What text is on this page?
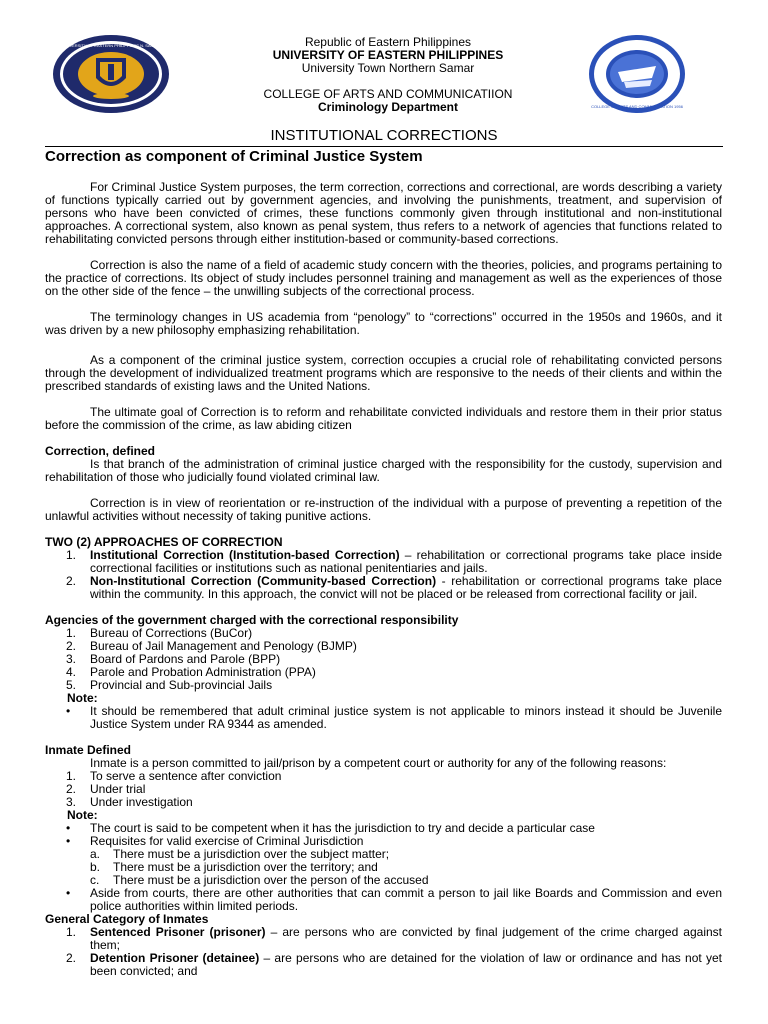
UNIVERSITY OF EASTERN PHILIPPINES N. SAMAR
COLLEGE OF ARTS AND COMMUNICATION 1956
Republic of Eastern Philippines
UNIVERSITY OF EASTERN PHILIPPINES
University Town Northern Samar
COLLEGE OF ARTS AND COMMUNICATIION
Criminology Department
INSTITUTIONAL CORRECTIONS
Correction as component of Criminal Justice System

For Criminal Justice System purposes, the term correction, corrections and correctional, are words describing a variety of functions typically carried out by government agencies, and involving the punishments, treatment, and supervision of persons who have been convicted of crimes, these functions commonly given through institutional and non-institutional approaches. A correctional system, also known as penal system, thus refers to a network of agencies that functions related to rehabilitating convicted persons through either institution-based or community-based corrections.

Correction is also the name of a field of academic study concern with the theories, policies, and programs pertaining to the practice of corrections. Its object of study includes personnel training and management as well as the experiences of those on the other side of the fence – the unwilling subjects of the correctional process.

The terminology changes in US academia from “penology” to “corrections” occurred in the 1950s and 1960s, and it was driven by a new philosophy emphasizing rehabilitation.

As a component of the criminal justice system, correction occupies a crucial role of rehabilitating convicted persons through the development of individualized treatment programs which are responsive to the needs of their clients and within the prescribed standards of existing laws and the United Nations.

The ultimate goal of Correction is to reform and rehabilitate convicted individuals and restore them in their prior status before the commission of the crime, as law abiding citizen

Correction, defined

Is that branch of the administration of criminal justice charged with the responsibility for the custody, supervision and rehabilitation of those who judicially found violated criminal law.

Correction is in view of reorientation or re-instruction of the individual with a purpose of preventing a repetition of the unlawful activities without necessity of taking punitive actions.

TWO (2) APPROACHES OF CORRECTION

1.	Institutional Correction (Institution-based Correction) – rehabilitation or correctional programs take place inside correctional facilities or institutions such as national penitentiaries and jails.
2.	Non-Institutional Correction (Community-based Correction) - rehabilitation or correctional programs take place within the community. In this approach, the convict will not be placed or be released from correctional facility or jail.

Agencies of the government charged with the correctional responsibility

1.	Bureau of Corrections (BuCor)
2.	Bureau of Jail Management and Penology (BJMP)
3.	Board of Pardons and Parole (BPP)
4.	Parole and Probation Administration (PPA)
5.	Provincial and Sub-provincial Jails
Note:
•	It should be remembered that adult criminal justice system is not applicable to minors instead it should be Juvenile Justice System under RA 9344 as amended.

Inmate Defined

Inmate is a person committed to jail/prison by a competent court or authority for any of the following reasons:
1.	To serve a sentence after conviction
2.	Under trial
3.	Under investigation
Note:
•	The court is said to be competent when it has the jurisdiction to try and decide a particular case
•	Requisites for valid exercise of Criminal Jurisdiction
a.	There must be a jurisdiction over the subject matter;
b.	There must be a jurisdiction over the territory; and
c.	There must be a jurisdiction over the person of the accused
•	Aside from courts, there are other authorities that can commit a person to jail like Boards and Commission and even police authorities within limited periods.

General Category of Inmates

1.	Sentenced Prisoner (prisoner) – are persons who are convicted by final judgement of the crime charged against them;
2.	Detention Prisoner (detainee) – are persons who are detained for the violation of law or ordinance and has not yet been convicted; and
